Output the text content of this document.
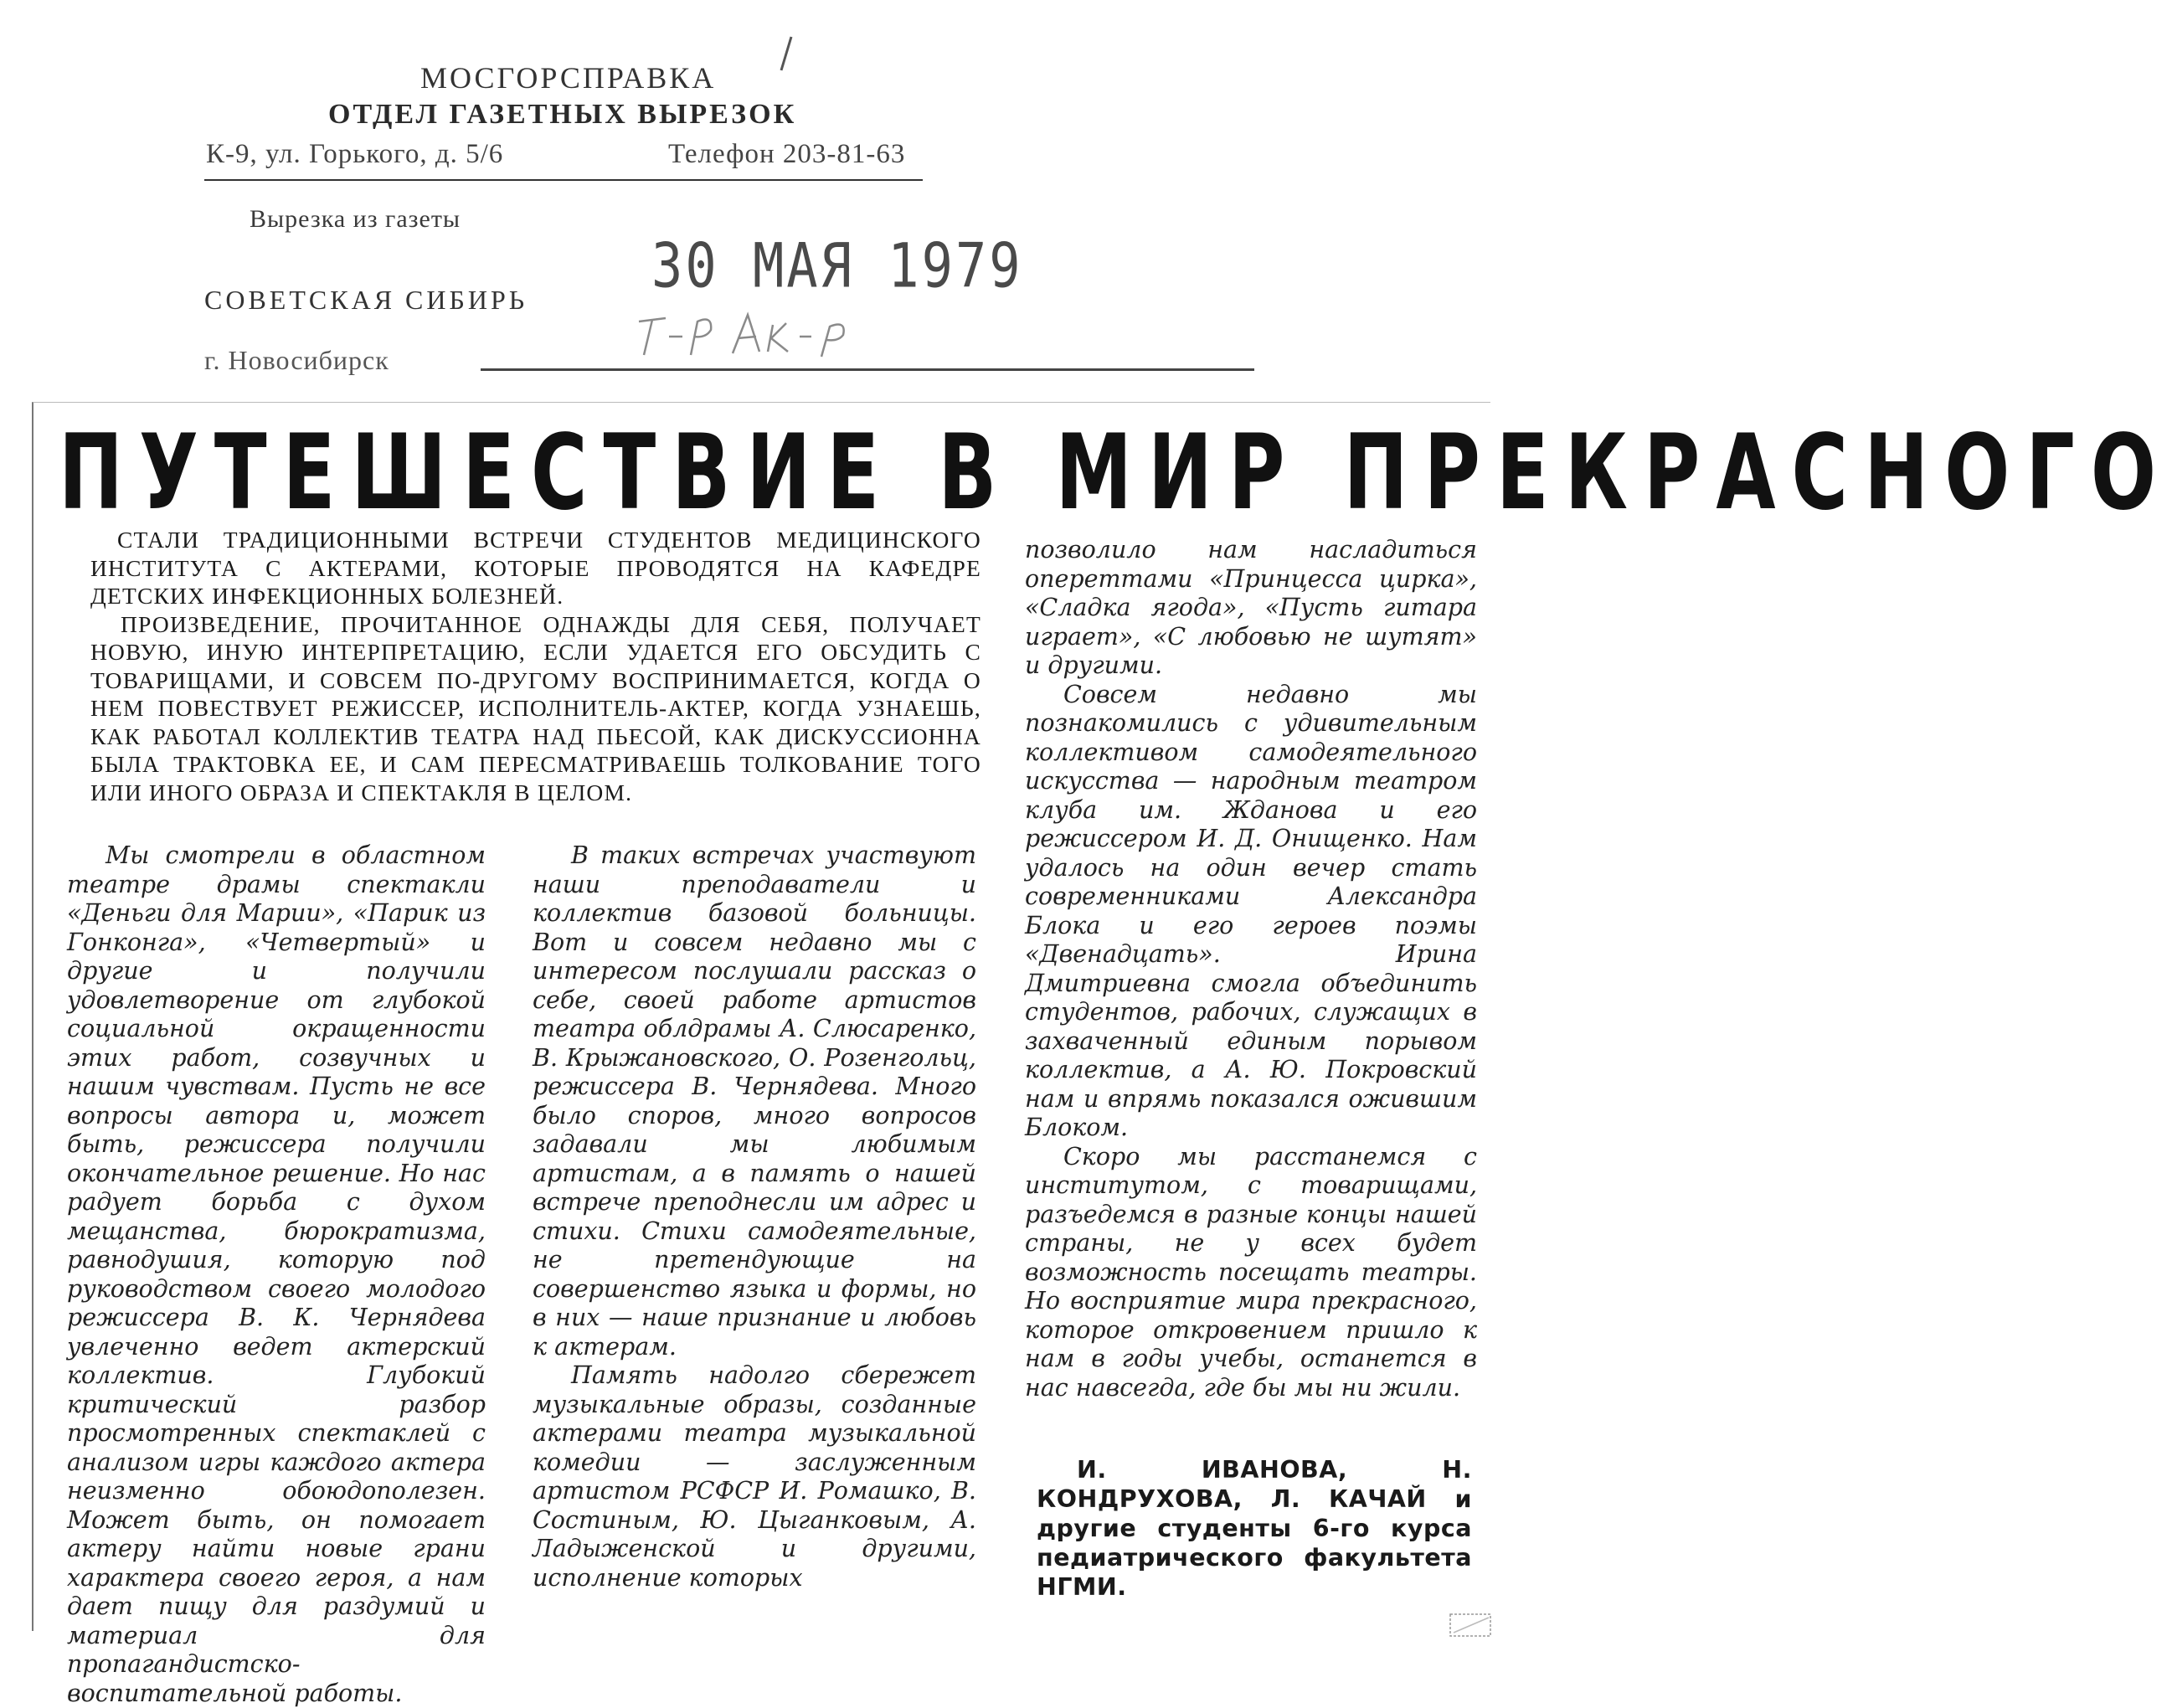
МОСГОРСПРАВКА
ОТДЕЛ ГАЗЕТНЫХ ВЫРЕЗОК
К-9, ул. Горького, д. 5/6	Телефон 203-81-63
Вырезка из газеты
СОВЕТСКАЯ СИБИРЬ
г. Новосибирск
30 МАЯ 1979
ПУТЕШЕСТВИЕ В МИР ПРЕКРАСНОГО

СТАЛИ ТРАДИЦИОННЫМИ ВСТРЕЧИ СТУДЕНТОВ МЕДИЦИНСКОГО ИНСТИТУТА С АКТЕРАМИ, КОТОРЫЕ ПРОВОДЯТСЯ НА КАФЕДРЕ ДЕТСКИХ ИНФЕКЦИОННЫХ БОЛЕЗНЕЙ.

ПРОИЗВЕДЕНИЕ, ПРОЧИТАННОЕ ОДНАЖДЫ ДЛЯ СЕБЯ, ПОЛУЧАЕТ НОВУЮ, ИНУЮ ИНТЕРПРЕТАЦИЮ, ЕСЛИ УДАЕТСЯ ЕГО ОБСУДИТЬ С ТОВАРИЩАМИ, И СОВСЕМ ПО-ДРУГОМУ ВОСПРИНИМАЕТСЯ, КОГДА О НЕМ ПОВЕСТВУЕТ РЕЖИССЕР, ИСПОЛНИТЕЛЬ-АКТЕР, КОГДА УЗНАЕШЬ, КАК РАБОТАЛ КОЛЛЕКТИВ ТЕАТРА НАД ПЬЕСОЙ, КАК ДИСКУССИОННА БЫЛА ТРАКТОВКА ЕЕ, И САМ ПЕРЕСМАТРИВАЕШЬ ТОЛКОВАНИЕ ТОГО ИЛИ ИНОГО ОБРАЗА И СПЕКТАКЛЯ В ЦЕЛОМ.

Мы смотрели в областном театре драмы спектакли «Деньги для Марии», «Парик из Гонконга», «Четвертый» и другие и получили удовлетворение от глубокой социальной окращенности этих работ, созвучных и нашим чувствам. Пусть не все вопросы автора и, может быть, режиссера получили окончательное решение. Но нас радует борьба с духом мещанства, бюрократизма, равнодушия, которую под руководством своего молодого режиссера В. К. Чернядева увлеченно ведет актерский коллектив. Глубокий критический разбор просмотренных спектаклей с анализом игры каждого актера неизменно обоюдополезен. Может быть, он помогает актеру найти новые грани характера своего героя, а нам дает пищу для раздумий и материал для пропагандистско-воспитательной работы.

В таких встречах участвуют наши преподаватели и коллектив базовой больницы. Вот и совсем недавно мы с интересом послушали рассказ о себе, своей работе артистов театра облдрамы А. Слюсаренко, В. Крыжановского, О. Розенгольц, режиссера В. Чернядева. Много было споров, много вопросов задавали мы любимым артистам, а в память о нашей встрече преподнесли им адрес и стихи. Стихи самодеятельные, не претендующие на совершенство языка и формы, но в них — наше признание и любовь к актерам.

Память надолго сбережет музыкальные образы, созданные актерами театра музыкальной комедии — заслуженным артистом РСФСР И. Ромашко, В. Состиным, Ю. Цыганковым, А. Ладыженской и другими, исполнение которых

позволило нам насладиться опереттами «Принцесса цирка», «Сладка ягода», «Пусть гитара играет», «С любовью не шутят» и другими.

Совсем недавно мы познакомились с удивительным коллективом самодеятельного искусства — народным театром клуба им. Жданова и его режиссером И. Д. Онищенко. Нам удалось на один вечер стать современниками Александра Блока и его героев поэмы «Двенадцать». Ирина Дмитриевна смогла объединить студентов, рабочих, служащих в захваченный единым порывом коллектив, а А. Ю. Покровский нам и впрямь показался ожившим Блоком.

Скоро мы расстанемся с институтом, с товарищами, разъедемся в разные концы нашей страны, не у всех будет возможность посещать театры. Но восприятие мира прекрасного, которое откровением пришло к нам в годы учебы, останется в нас навсегда, где бы мы ни жили.

И. ИВАНОВА, Н. КОНДРУХОВА, Л. КАЧАЙ и другие студенты 6-го курса педиатрического факультета НГМИ.
